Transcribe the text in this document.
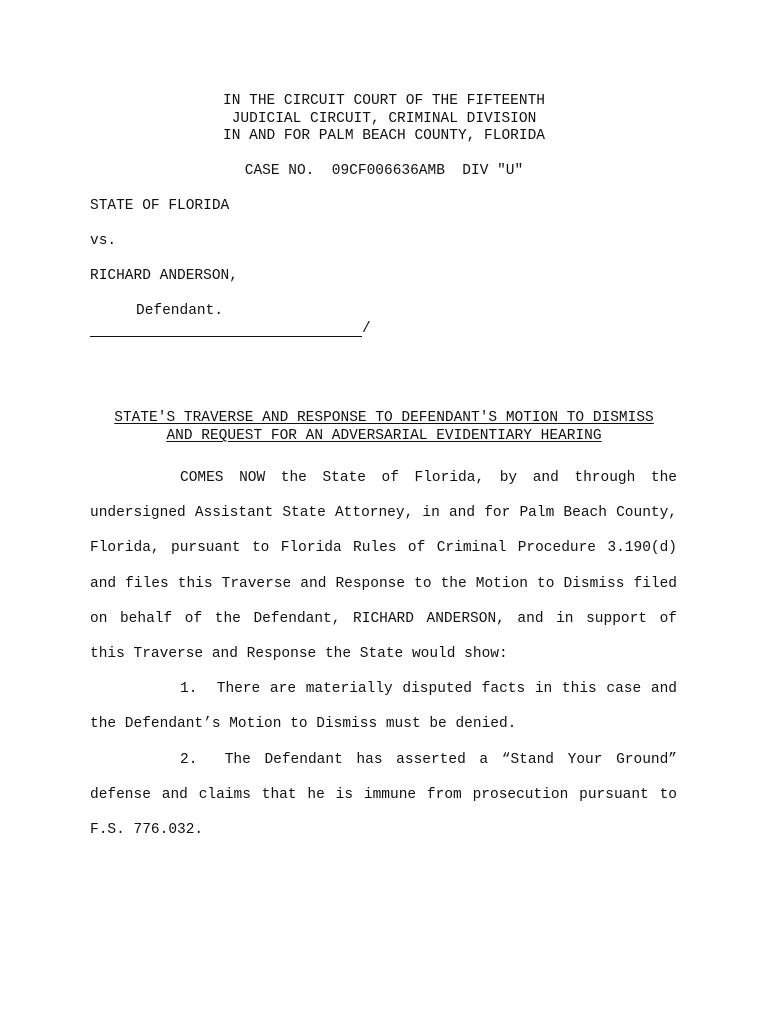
IN THE CIRCUIT COURT OF THE FIFTEENTH
JUDICIAL CIRCUIT, CRIMINAL DIVISION
IN AND FOR PALM BEACH COUNTY, FLORIDA
CASE NO.  09CF006636AMB  DIV "U"
STATE OF FLORIDA
vs.
RICHARD ANDERSON,
Defendant.
/
STATE'S TRAVERSE AND RESPONSE TO DEFENDANT'S MOTION TO DISMISS
AND REQUEST FOR AN ADVERSARIAL EVIDENTIARY HEARING

COMES NOW the State of Florida, by and through the undersigned Assistant State Attorney, in and for Palm Beach County, Florida, pursuant to Florida Rules of Criminal Procedure 3.190(d) and files this Traverse and Response to the Motion to Dismiss filed on behalf of the Defendant, RICHARD ANDERSON, and in support of this Traverse and Response the State would show:

1. There are materially disputed facts in this case and the Defendant’s Motion to Dismiss must be denied.

2. The Defendant has asserted a “Stand Your Ground” defense and claims that he is immune from prosecution pursuant to F.S. 776.032.
